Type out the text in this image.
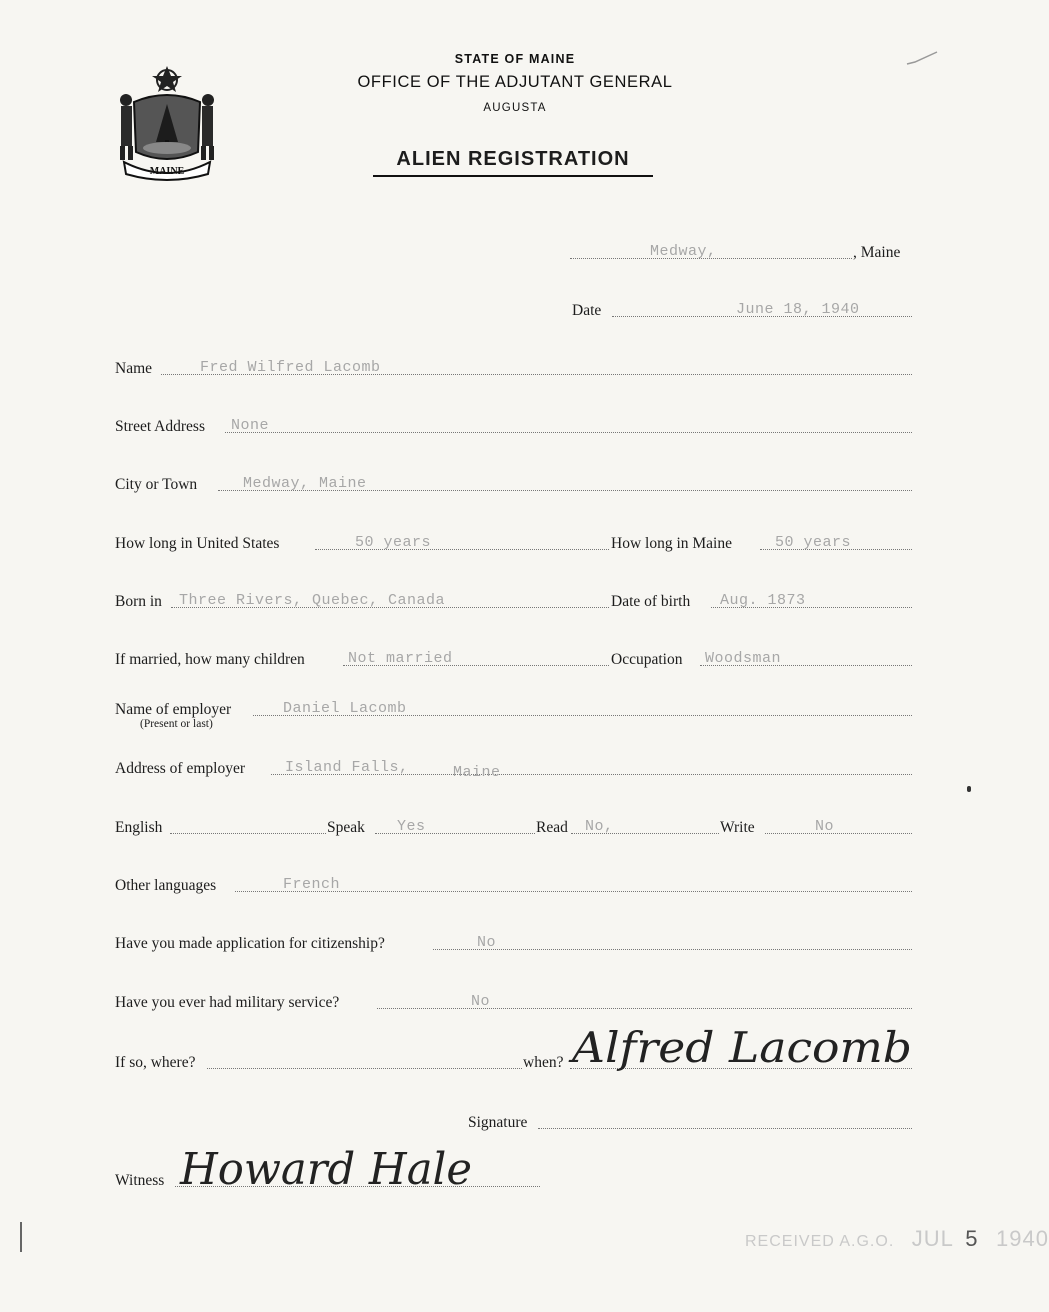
MAINE
STATE OF MAINE
OFFICE OF THE ADJUTANT GENERAL
AUGUSTA
ALIEN REGISTRATION
Medway,	, Maine
Date	June 18, 1940
Name	Fred Wilfred Lacomb
Street Address None
City or Town	Medway, Maine
How long in United States	50 years	How long in Maine	50 years
Born in Three Rivers, Quebec, Canada	Date of birth Aug. 1873
If married, how many children	Not married	Occupation Woodsman
Name of employer	Daniel Lacomb
(Present or last)
Address of employer	Island Falls,	Maine
English	Speak Yes	Read No,	Write	No
Other languages	French
Have you made application for citizenship?	No
Have you ever had military service?	No
If so, where?	when? Alfred Lacomb
Signature
Witness Howard Hale
RECEIVED A.G.O. JUL 5 1940
